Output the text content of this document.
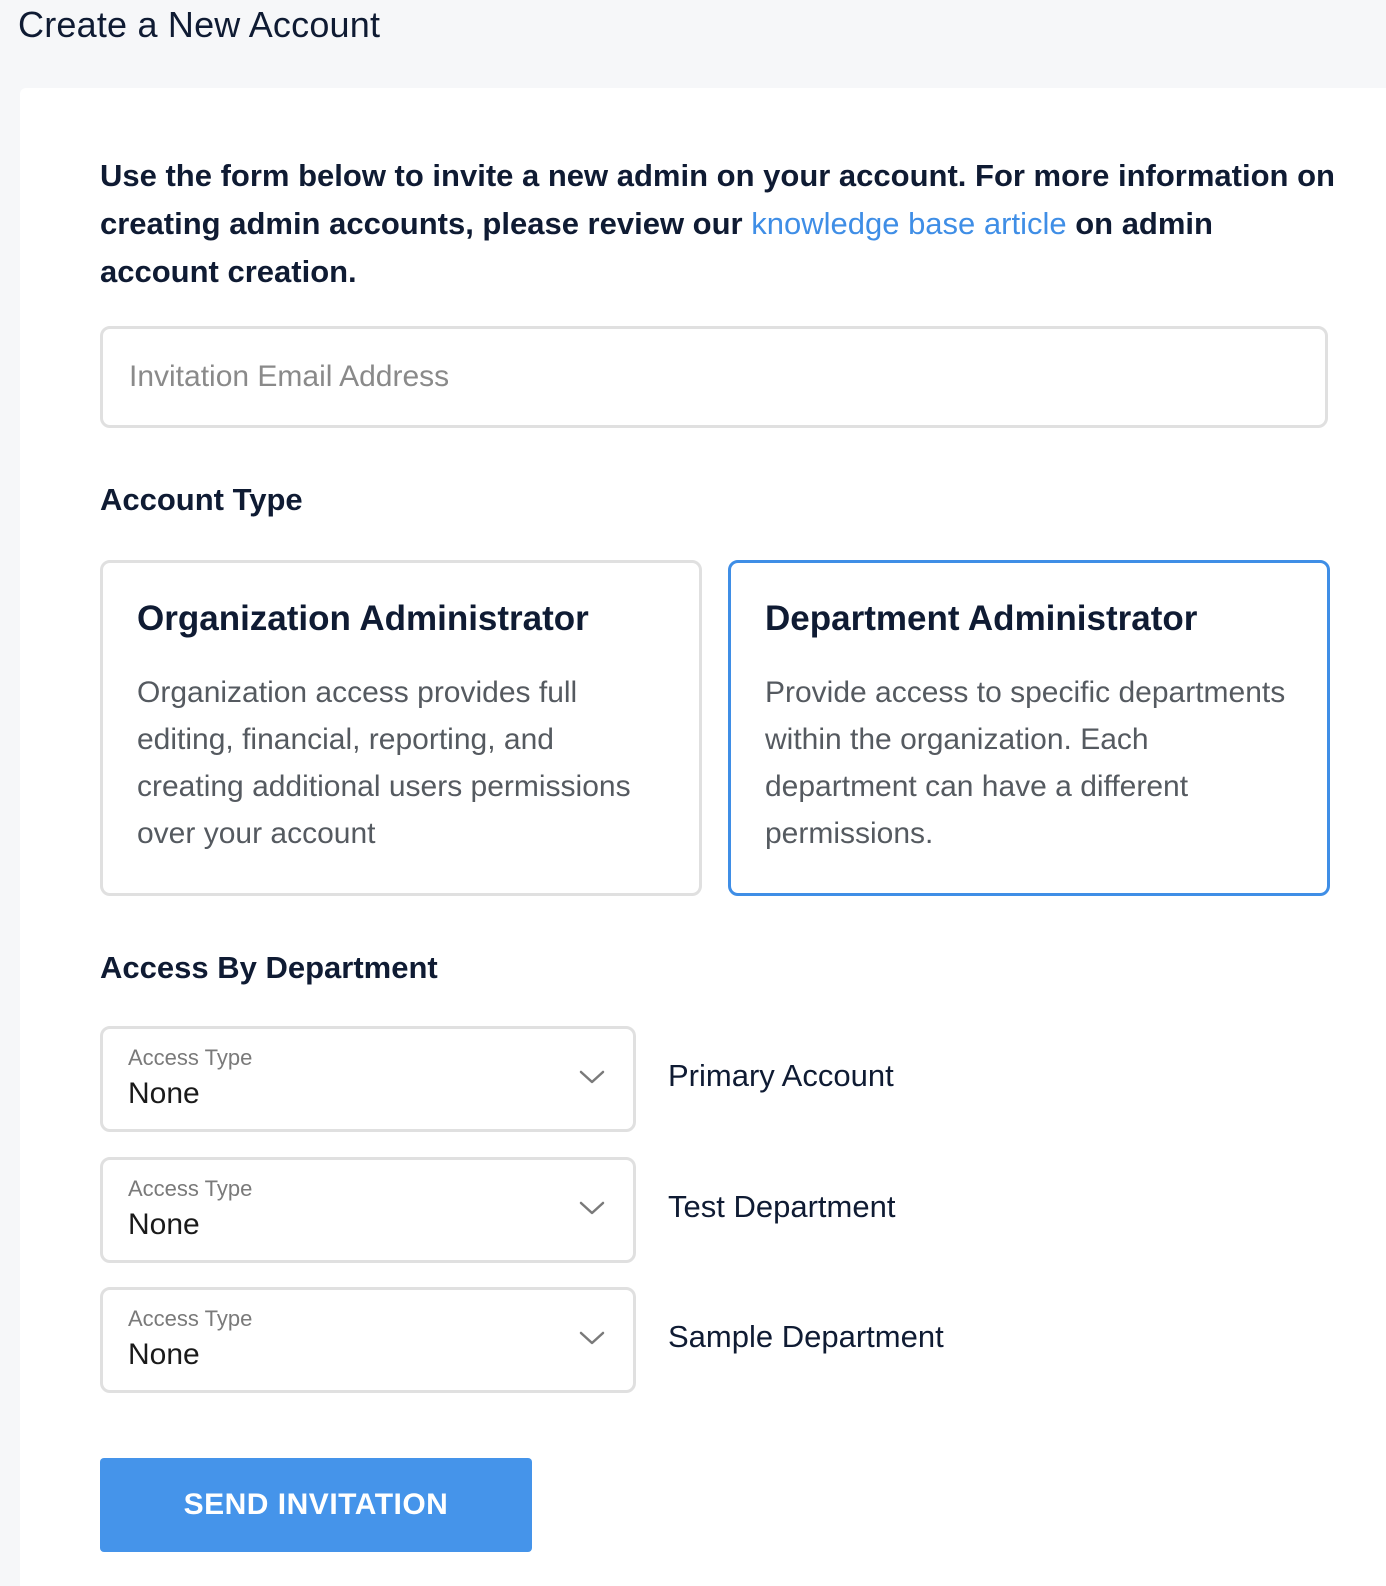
Create a New Account
Use the form below to invite a new admin on your account. For more information on creating admin accounts, please review our knowledge base article on admin account creation.
Invitation Email Address
Account Type
Organization Administrator
Organization access provides full editing, financial, reporting, and creating additional users permissions over your account
Department Administrator
Provide access to specific departments within the organization. Each department can have a different permissions.
Access By Department
Access Type
None
Primary Account
Access Type
None
Test Department
Access Type
None
Sample Department
SEND INVITATION
